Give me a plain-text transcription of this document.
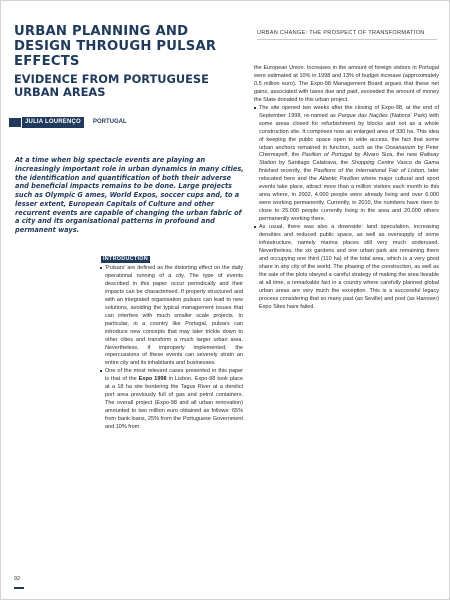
URBAN CHANGE: THE PROSPECT OF TRANSFORMATION
URBAN PLANNING AND DESIGN THROUGH PULSAR EFFECTS
EVIDENCE FROM PORTUGUESE URBAN AREAS
JULIA LOURENÇO	PORTUGAL

At a time when big spectacle events are playing an increasingly important role in urban dynamics in many cities, the identification and quantification of both their adverse and beneficial impacts remains to be done. Large projects such as Olympic G ames, World Expos, soccer cups and, to a lesser extent, European Capitals of Culture and other recurrent events are capable of changing the urban fabric of a city and its organisational patterns in profound and permanent ways.

INTRODUCTION

'Pulsars' are defined as the distorting effect on the daily operational running of a city. The type of events described in this paper occur periodically and their impacts can be characterised. If properly structured and with an integrated organisation pulsars can lead to new solutions, avoiding the typical management issues that can interfere with much smaller scale projects. In particular, in a country like Portugal, pulsars can introduce new concepts that may later trickle down to other cities and transform a much larger urban area. Nevertheless, if improperly implemented, the repercussions of these events can severely strain an entire city and its inhabitants and businesses.

One of the most relevant cases presented in this paper is that of the Expo 1998 in Lisbon. Expo-98 took place at a 18 ha site bordering the Tagus River at a derelict port area previously full of gas and petrol containers. The overall project (Expo-98 and all urban renovation) amounted to two million euro obtained as follows: 65% from bank loans, 25% from the Portuguese Government and 10% from

the European Union. Increases in the amount of foreign visitors in Portugal were estimated at 10% in 1998 and 13% of budget increase (approximately 0,5 million euro). The Expo-98 Management Board argues that these net gains, associated with taxes due and paid, exceeded the amount of money the State donated to this urban project.

The site opened two weeks after the closing of Expo-98, at the end of September 1998, re-named as Parque das Nações (Nations' Park) with some areas closed for refurbishment by blocks and not as a whole construction site. It comprises now an enlarged area of 330 ha. This idea of keeping the public space open to wide access, the fact that some urban anchors remained in function, such as the Oceanarium by Peter Chermayeff, the Pavilion of Portugal by Álvaro Siza, the new Railway Station by Santiago Calatrava, the Shopping Centre Vasco da Gama finished recently, the Pavilions of the International Fair of Lisbon, later relocated here and the Atlantic Pavilion where major cultural and sport events take place, attract more than a million visitors each month to this area where, in 2002, 4.000 people were already living and over 6.000 were working permanently. Currently, in 2010, the numbers have risen to close to 25.000 people currently living in the area and 20.000 others permanently working there.

As usual, there was also a downside: land speculation, increasing densities and reduced public space, as well as oversupply of some infrastructure, namely marina places still very much underused. Nevertheless, the six gardens and one urban park are remaining there and occupying one third (110 ha) of the total area, which is a very good share in any city of the world. The phasing of the construction, as well as the sale of the plots obeyed a careful strategy of making the area liveable at all time, a remarkable fact in a country where carefully planned global urban areas are very much the exception. This is a successful legacy process considering that so many past (as Seville) and post (as Hanover) Expo Sites have failed.

92
